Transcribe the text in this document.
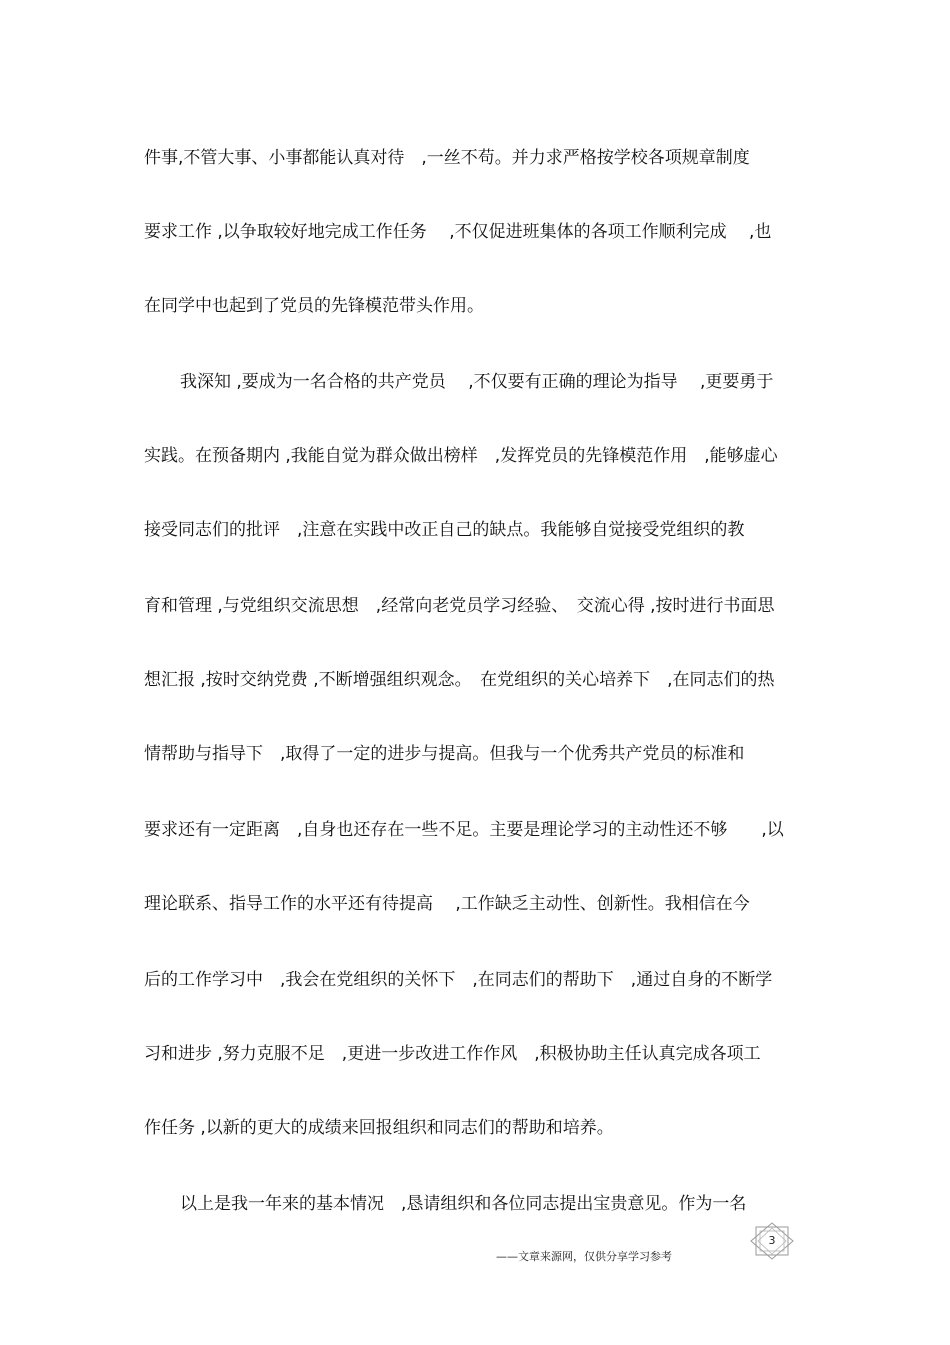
件事,不管大事、小事都能认真对待　,一丝不苟。并力求严格按学校各项规章制度
要求工作 ,以争取较好地完成工作任务　 ,不仅促进班集体的各项工作顺利完成　 ,也
在同学中也起到了党员的先锋模范带头作用。
我深知 ,要成为一名合格的共产党员　 ,不仅要有正确的理论为指导　 ,更要勇于
实践。在预备期内 ,我能自觉为群众做出榜样　,发挥党员的先锋模范作用　,能够虚心
接受同志们的批评　,注意在实践中改正自己的缺点。我能够自觉接受党组织的教
育和管理 ,与党组织交流思想　,经常向老党员学习经验、　交流心得 ,按时进行书面思
想汇报 ,按时交纳党费 ,不断增强组织观念。　在党组织的关心培养下　,在同志们的热
情帮助与指导下　,取得了一定的进步与提高。但我与一个优秀共产党员的标准和
要求还有一定距离　,自身也还存在一些不足。主要是理论学习的主动性还不够　　,以
理论联系、指导工作的水平还有待提高　 ,工作缺乏主动性、创新性。我相信在今
后的工作学习中　,我会在党组织的关怀下　,在同志们的帮助下　,通过自身的不断学
习和进步 ,努力克服不足　,更进一步改进工作作风　,积极协助主任认真完成各项工
作任务 ,以新的更大的成绩来回报组织和同志们的帮助和培养。
以上是我一年来的基本情况　,恳请组织和各位同志提出宝贵意见。作为一名
3
——文章来源网，仅供分享学习参考
